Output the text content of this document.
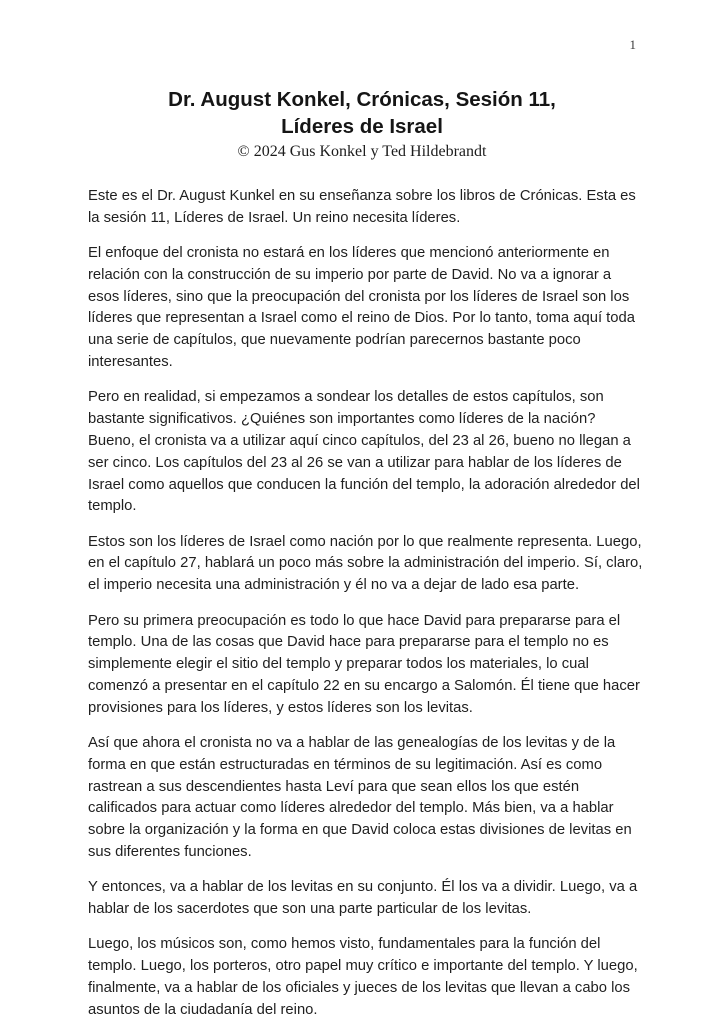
1
Dr. August Konkel, Crónicas, Sesión 11,
Líderes de Israel
© 2024 Gus Konkel y Ted Hildebrandt

Este es el Dr. August Kunkel en su enseñanza sobre los libros de Crónicas. Esta es la sesión 11, Líderes de Israel. Un reino necesita líderes.

El enfoque del cronista no estará en los líderes que mencionó anteriormente en relación con la construcción de su imperio por parte de David. No va a ignorar a esos líderes, sino que la preocupación del cronista por los líderes de Israel son los líderes que representan a Israel como el reino de Dios. Por lo tanto, toma aquí toda una serie de capítulos, que nuevamente podrían parecernos bastante poco interesantes.

Pero en realidad, si empezamos a sondear los detalles de estos capítulos, son bastante significativos. ¿Quiénes son importantes como líderes de la nación? Bueno, el cronista va a utilizar aquí cinco capítulos, del 23 al 26, bueno no llegan a ser cinco. Los capítulos del 23 al 26 se van a utilizar para hablar de los líderes de Israel como aquellos que conducen la función del templo, la adoración alrededor del templo.

Estos son los líderes de Israel como nación por lo que realmente representa. Luego, en el capítulo 27, hablará un poco más sobre la administración del imperio. Sí, claro, el imperio necesita una administración y él no va a dejar de lado esa parte.

Pero su primera preocupación es todo lo que hace David para prepararse para el templo. Una de las cosas que David hace para prepararse para el templo no es simplemente elegir el sitio del templo y preparar todos los materiales, lo cual comenzó a presentar en el capítulo 22 en su encargo a Salomón. Él tiene que hacer provisiones para los líderes, y estos líderes son los levitas.

Así que ahora el cronista no va a hablar de las genealogías de los levitas y de la forma en que están estructuradas en términos de su legitimación. Así es como rastrean a sus descendientes hasta Leví para que sean ellos los que estén calificados para actuar como líderes alrededor del templo. Más bien, va a hablar sobre la organización y la forma en que David coloca estas divisiones de levitas en sus diferentes funciones.

Y entonces, va a hablar de los levitas en su conjunto. Él los va a dividir. Luego, va a hablar de los sacerdotes que son una parte particular de los levitas.

Luego, los músicos son, como hemos visto, fundamentales para la función del templo. Luego, los porteros, otro papel muy crítico e importante del templo. Y luego, finalmente, va a hablar de los oficiales y jueces de los levitas que llevan a cabo los asuntos de la ciudadanía del reino.
